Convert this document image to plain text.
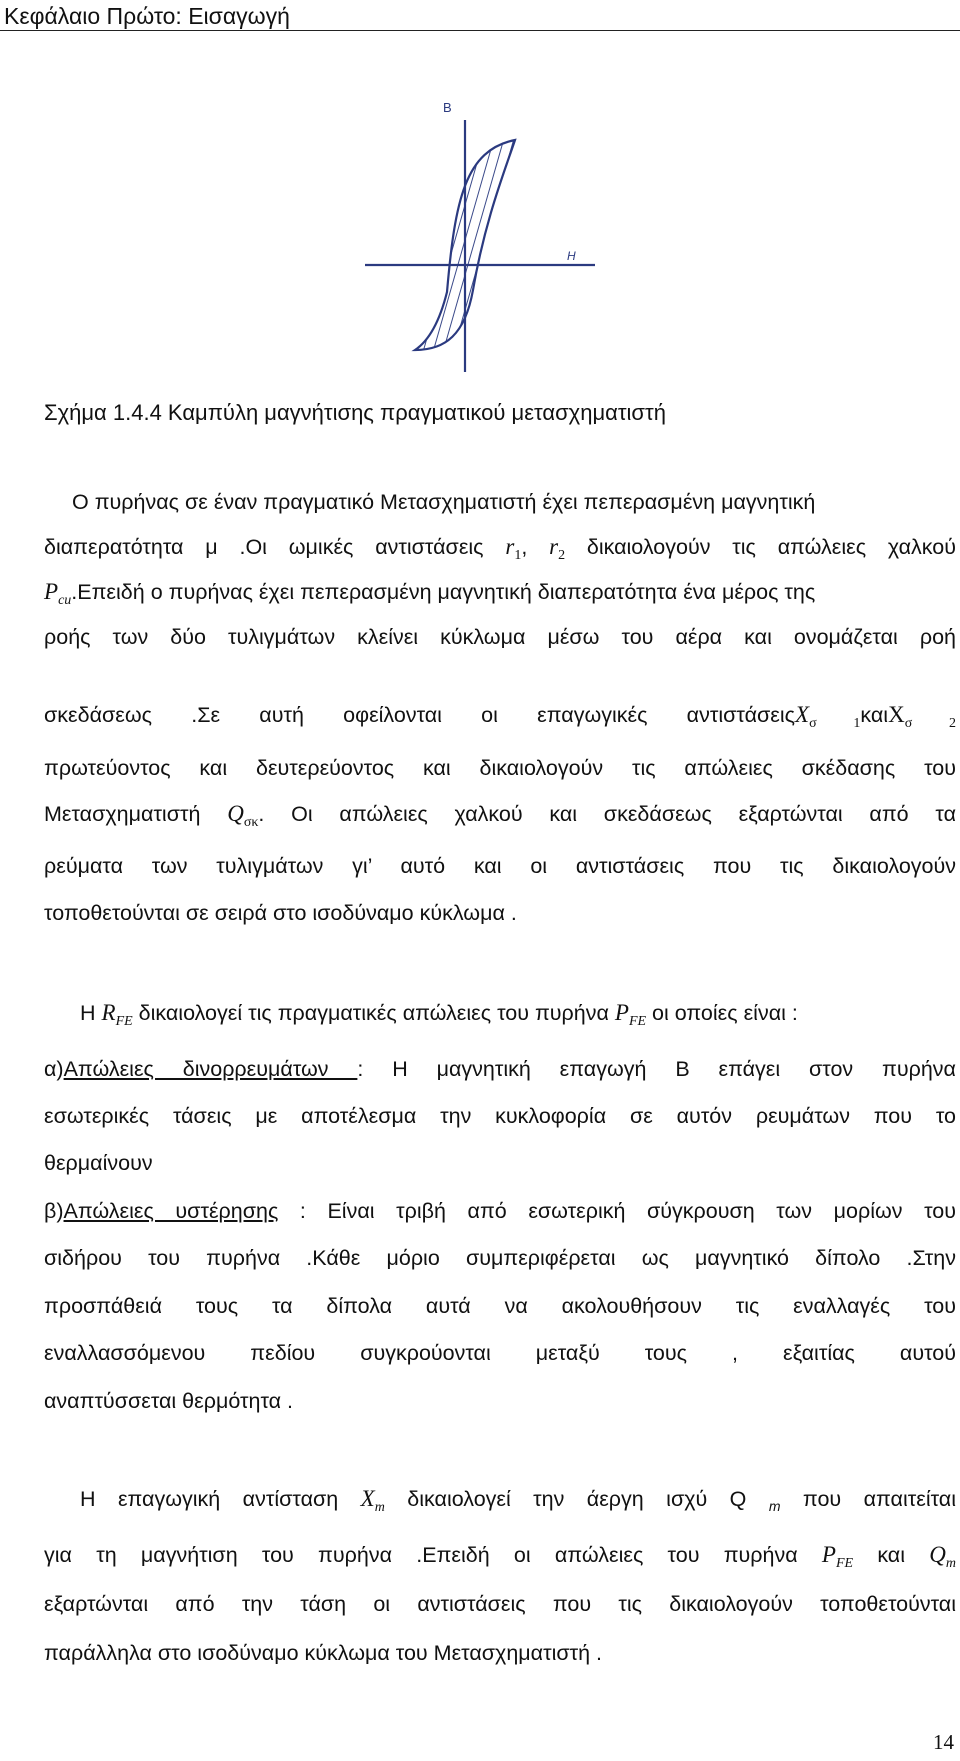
Κεφάλαιο Πρώτο: Εισαγωγή
B
H
Σχήμα 1.4.4 Καμπύλη μαγνήτισης πραγματικού μετασχηματιστή
Ο πυρήνας σε έναν πραγματικό Μετασχηματιστή έχει πεπερασμένη μαγνητική
διαπερατότητα μ .Οι ωμικές αντιστάσεις $r_1$, $r_2$ δικαιολογούν τις απώλειες χαλκού
$P_{cu}.E\pi\varepsilon\iota\delta ή$ ο πυρήνας έχει πεπερασμένη μαγνητική διαπερατότητα ένα μέρος της
ροής των δύο τυλιγμάτων κλείνει κύκλωμα μέσω του αέρα και ονομάζεται ροή
σκεδάσεως .Σε αυτή οφείλονται οι επαγωγικές αντιστάσειςX$_{\sigma 1}$καιX$_{\sigma 2}$
πρωτεύοντος και δευτερεύοντος και δικαιολογούν τις απώλειες σκέδασης του
Μετασχηματιστή $Q_{\sigma\kappa}$. Οι απώλειες χαλκού και σκεδάσεως εξαρτώνται από τα
ρεύματα των τυλιγμάτων γι’ αυτό και οι αντιστάσεις που τις δικαιολογούν
τοποθετούνται σε σειρά στο ισοδύναμο κύκλωμα .
Η $R_{FE}$ δικαιολογεί τις πραγματικές απώλειες του πυρήνα $P_{FE}$ οι οποίες είναι :
α)Απώλειες δινορρευμάτων : Η μαγνητική επαγωγή Β επάγει στον πυρήνα
εσωτερικές τάσεις με αποτέλεσμα την κυκλοφορία σε αυτόν ρευμάτων που το
θερμαίνουν
β)Απώλειες υστέρησης : Είναι τριβή από εσωτερική σύγκρουση των μορίων του
σιδήρου του πυρήνα .Κάθε μόριο συμπεριφέρεται ως μαγνητικό δίπολο .Στην
προσπάθειά τους τα δίπολα αυτά να ακολουθήσουν τις εναλλαγές του
εναλλασσόμενου πεδίου συγκρούονται μεταξύ τους , εξαιτίας αυτού
αναπτύσσεται θερμότητα .
Η επαγωγική αντίσταση $X_m$ δικαιολογεί την άεργη ισχύ Q $_m$ που απαιτείται
για τη μαγνήτιση του πυρήνα .Επειδή οι απώλειες του πυρήνα $P_{FE}$ και $Q_m$
εξαρτώνται από την τάση οι αντιστάσεις που τις δικαιολογούν τοποθετούνται
παράλληλα στο ισοδύναμο κύκλωμα του Μετασχηματιστή .
14
